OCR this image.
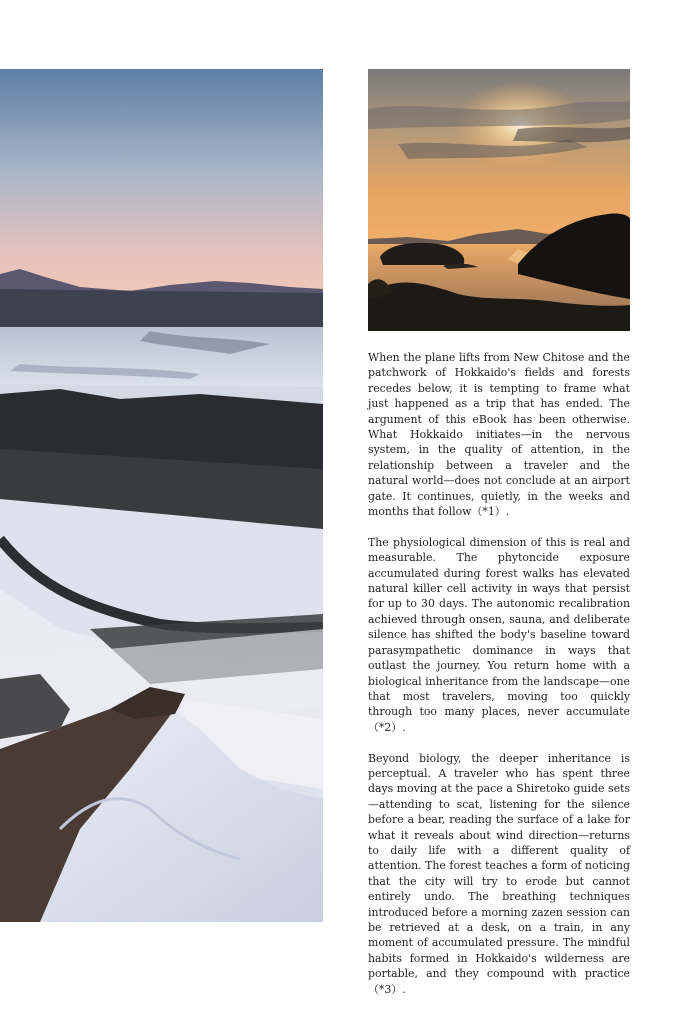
When the plane lifts from New Chitose and the patchwork of Hokkaido's fields and forests recedes below, it is tempting to frame what just happened as a trip that has ended. The argument of this eBook has been otherwise. What Hokkaido initiates—in the nervous system, in the quality of attention, in the relationship between a traveler and the natural world—does not conclude at an airport gate. It continues, quietly, in the weeks and months that follow（*1）.

The physiological dimension of this is real and measurable. The phytoncide exposure accumulated during forest walks has elevated natural killer cell activity in ways that persist for up to 30 days. The autonomic recalibration achieved through onsen, sauna, and deliberate silence has shifted the body's baseline toward parasympathetic dominance in ways that outlast the journey. You return home with a biological inheritance from the landscape—one that most travelers, moving too quickly through too many places, never accumulate（*2）.

Beyond biology, the deeper inheritance is perceptual. A traveler who has spent three days moving at the pace a Shiretoko guide sets—attending to scat, listening for the silence before a bear, reading the surface of a lake for what it reveals about wind direction—returns to daily life with a different quality of attention. The forest teaches a form of noticing that the city will try to erode but cannot entirely undo. The breathing techniques introduced before a morning zazen session can be retrieved at a desk, on a train, in any moment of accumulated pressure. The mindful habits formed in Hokkaido's wilderness are portable, and they compound with practice（*3）.
